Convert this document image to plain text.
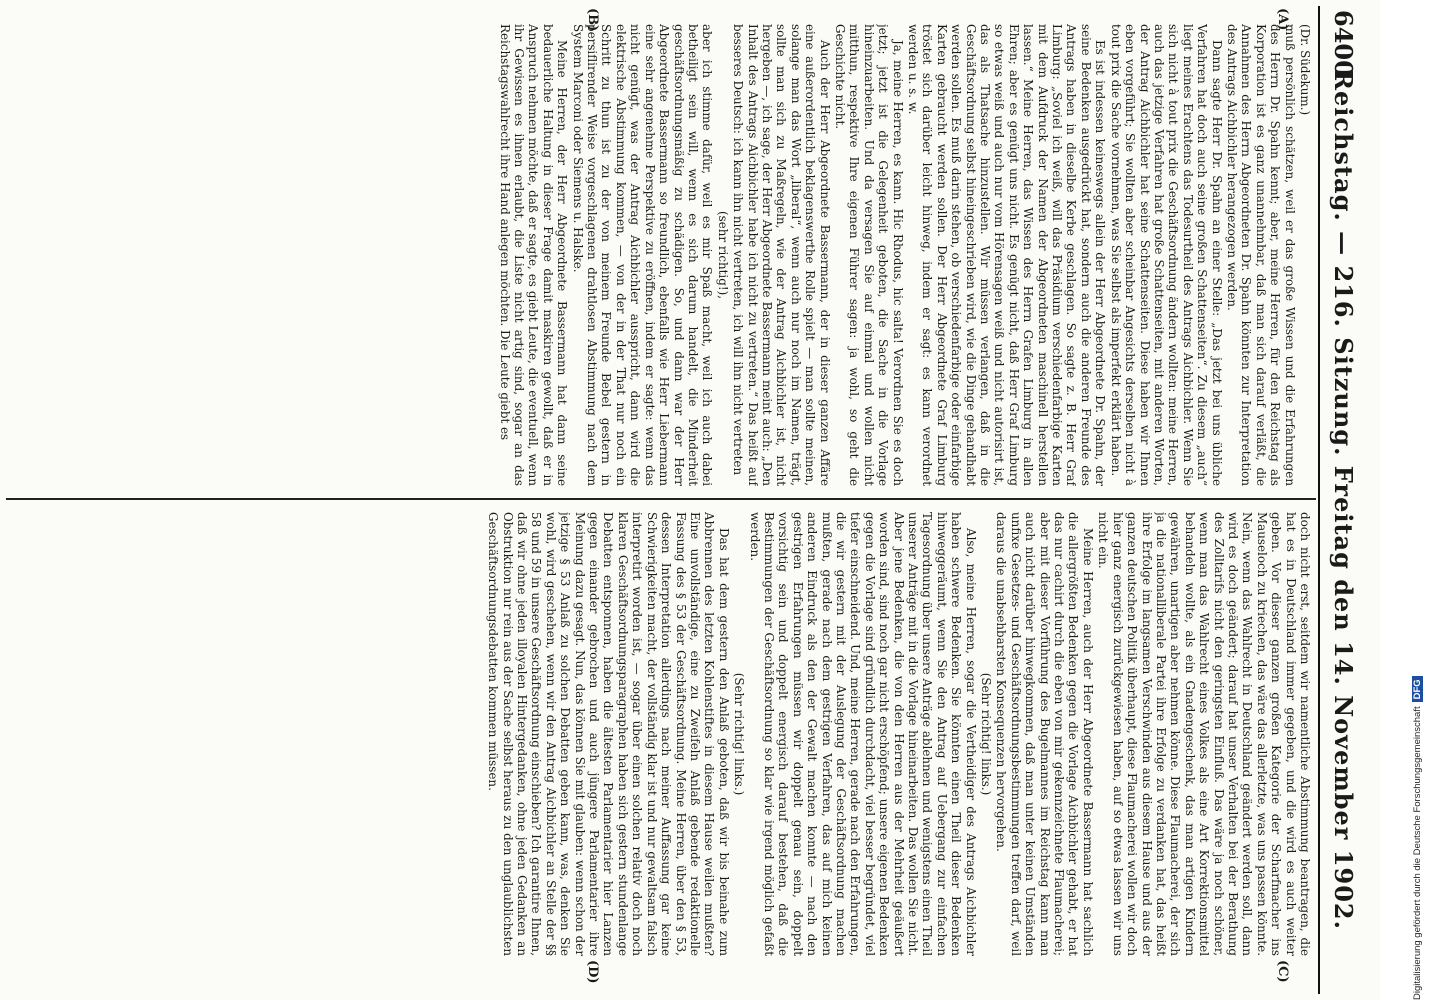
6400
Reichstag. — 216. Sitzung. Freitag den 14. November 1902.
(A)
(B)
(C)
(D)

(Dr. Südekum.)

muß persönlich schätzen, weil er das große Wissen und die Erfahrungen des Herrn Dr. Spahn kennt; aber, meine Herren, für den Reichstag als Korporation ist es ganz unannehmbar, daß man sich darauf verläßt, die Annahmen des Herrn Abgeordneten Dr. Spahn könnten zur Interpretation des Antrags Aichbichler herangezogen werden.

Dann sagte Herr Dr. Spahn an einer Stelle: „Das jetzt bei uns übliche Verfahren hat doch auch seine großen Schattenseiten“. Zu diesem „auch“ liegt meines Erachtens das Todesurtheil des Antrags Aichbichler. Wenn Sie sich nicht à tout prix die Geschäftsordnung ändern wollten: meine Herren, auch das jetzige Verfahren hat große Schattenseiten, mit anderen Worten, der Antrag Aichbichler hat seine Schattenseiten. Diese haben wir Ihnen eben vorgeführt; Sie wollten aber scheinbar Angesichts derselben nicht à tout prix die Sache vornehmen, was Sie selbst als imperfekt erklärt haben.

Es ist indessen keineswegs allein der Herr Abgeordnete Dr. Spahn, der seine Bedenken ausgedrückt hat, sondern auch die anderen Freunde des Antrags haben in dieselbe Kerbe geschlagen. So sagte z. B. Herr Graf Limburg: „Soviel ich weiß, will das Präsidium verschiedenfarbige Karten mit dem Aufdruck der Namen der Abgeordneten maschinell herstellen lassen.“ Meine Herren, das Wissen des Herrn Grafen Limburg in allen Ehren; aber es genügt uns nicht. Es genügt nicht, daß Herr Graf Limburg so etwas weiß und auch nur vom Hörensagen weiß und nicht autorisirt ist, das als Thatsache hinzustellen. Wir müssen verlangen, daß in die Geschäftsordnung selbst hineingeschrieben wird, wie die Dinge gehandhabt werden sollen. Es muß darin stehen, ob verschiedenfarbige oder einfarbige Karten gebraucht werden sollen. Der Herr Abgeordnete Graf Limburg tröstet sich darüber leicht hinweg, indem er sagt: es kann verordnet werden u. s. w.

Ja, meine Herren, es kann. Hic Rhodus, hic salta! Verordnen Sie es doch jetzt; jetzt ist die Gelegenheit geboten, die Sache in die Vorlage hineinzuarbeiten. Und da versagen Sie auf einmal und wollen nicht mitthun, respektive Ihre eigenen Führer sagen: ja wohl, so geht die Geschichte nicht.

Auch der Herr Abgeordnete Bassermann, der in dieser ganzen Affäre eine außerordentlich beklagenswerthe Rolle spielt — man sollte meinen, solange man das Wort „liberal“, wenn auch nur noch im Namen, trägt, sollte man sich zu Maßregeln, wie der Antrag Aichbichler ist, nicht hergeben —, ich sage, der Herr Abgeordnete Bassermann meint auch: „Den Inhalt des Antrags Aichbichler habe ich nicht zu vertreten.“ Das heißt auf besseres Deutsch: ich kann ihn nicht vertreten, ich will ihn nicht vertreten

(sehr richtig!),

aber ich stimme dafür, weil es mir Spaß macht, weil ich auch dabei betheiligt sein will, wenn es sich darum handelt, die Minderheit geschäftsordnungsmäßig zu schädigen. So, und dann war der Herr Abgeordnete Bassermann so freundlich, ebenfalls wie Herr Liebermann eine sehr angenehme Perspektive zu eröffnen, indem er sagte: wenn das nicht genügt, was der Antrag Aichbichler ausspricht, dann wird die elektrische Abstimmung kommen, — von der in der That nur noch ein Schritt zu thun ist zu der von meinem Freunde Bebel gestern in persiflirender Weise vorgeschlagenen drahtlosen Abstimmung nach dem System Marconi oder Siemens u. Halske.

Meine Herren, der Herr Abgeordnete Bassermann hat dann seine bedauerliche Haltung in dieser Frage damit maskiren gewollt, daß er in Anspruch nehmen möchte, daß er sagte, es giebt Leute, die eventuell, wenn ihr Gewissen es ihnen erlaubt, die Liste nicht artig sind, sogar an das Reichstagswahlrecht ihre Hand anlegen möchten. Die Leute giebt es

doch nicht erst, seitdem wir namentliche Abstimmung beantragen, die hat es in Deutschland immer gegeben, und die wird es auch weiter geben. Vor dieser ganzen großen Kategorie der Scharfmacher ins Mauseloch zu kriechen, das wäre das allerletzte, was uns passen könnte. Nein, wenn das Wahlrecht in Deutschland geändert werden soll, dann wird es doch geändert; darauf hat unser Verhalten bei der Berathung des Zolltarifs nicht den geringsten Einfluß. Das wäre ja noch schöner, wenn man das Wahlrecht eines Volkes als eine Art Korrektionsmittel behandeln wollte, als ein Gnadengeschenk, das man artigen Kindern gewähren, unartigen aber nehmen könne. Diese Flaumacherei, der sich ja die nationalliberale Partei ihre Erfolge zu verdanken hat, das heißt ihre Erfolge im langsamen Verschwinden aus diesem Hause und aus der ganzen deutschen Politik überhaupt, diese Flaumacherei wollen wir doch hier ganz energisch zurückgewiesen haben, auf so etwas lassen wir uns nicht ein.

Meine Herren, auch der Herr Abgeordnete Bassermann hat sachlich die allergrößten Bedenken gegen die Vorlage Aichbichler gehabt, er hat das nur cachirt durch die eben von mir gekennzeichnete Flaumacherei; aber mit dieser Vorführung des Bugelmannes im Reichstag kann man auch nicht darüber hinwegkommen, daß man unter keinen Umständen unfixe Gesetzes- und Geschäftsordnungsbestimmungen treffen darf, weil daraus die unabsehbarsten Konsequenzen hervorgehen.

(Sehr richtig! links.)

Also, meine Herren, sogar die Vertheidiger des Antrags Aichbichler haben schwere Bedenken. Sie könnten einen Theil dieser Bedenken hinweggeräumt, wenn Sie den Antrag auf Uebergang zur einfachen Tagesordnung über unsere Anträge ablehnen und wenigstens einen Theil unserer Anträge mit in die Vorlage hineinarbeiten. Das wollen Sie nicht. Aber jene Bedenken, die von den Herren aus der Mehrheit geäußert worden sind, sind noch gar nicht erschöpfend; unsere eigenen Bedenken gegen die Vorlage sind gründlich durchdacht, viel besser begründet, viel tiefer einschneidend. Und, meine Herren, gerade nach den Erfahrungen, die wir gestern mit der Auslegung der Geschäftsordnung machen mußten, gerade nach dem gestrigen Verfahren, das auf mich keinen anderen Eindruck als den der Gewalt machen konnte — nach den gestrigen Erfahrungen müssen wir doppelt genau sein, doppelt vorsichtig sein und doppelt energisch darauf bestehen, daß die Bestimmungen der Geschäftsordnung so klar wie irgend möglich gefaßt werden.

(Sehr richtig! links.)

Das hat dem gestern den Anlaß geboten, daß wir bis beinahe zum Abbrennen des letzten Kohlenstiftes in diesem Hause weilen mußten? Eine unvollständige, eine zu Zweifeln Anlaß gebende redaktionelle Fassung des § 53 der Geschäftsordnung. Meine Herren, über den § 53, dessen Interpretation allerdings nach meiner Auffassung gar keine Schwierigkeiten macht, der vollständig klar ist und nur gewaltsam falsch interpretirt worden ist, — sogar über einen solchen relativ doch noch klaren Geschäftsordnungsparagraphen haben sich gestern stundenlange Debatten entsponnen, haben die ältesten Parlamentarier hier Lanzen gegen einander gebrochen und auch jüngere Parlamentarier ihre Meinung dazu gesagt. Nun, das können Sie mit glauben: wenn schon der jetzige § 53 Anlaß zu solchen Debatten geben kann, was, denken Sie wohl, wird geschehen, wenn wir den Antrag Aichbichler an Stelle der §§ 58 und 59 in unsere Geschäftsordnung einschieben? Ich garantire Ihnen, daß wir ohne jeden illoyalen Hintergedanken, ohne jeden Gedanken an Obstruktion nur rein aus der Sache selbst heraus zu den unglaublichsten Geschäftsordnungsdebatten kommen müssen.

Digitalisierung gefördert durch die Deutsche ForschungsgemeinschaftDFG
